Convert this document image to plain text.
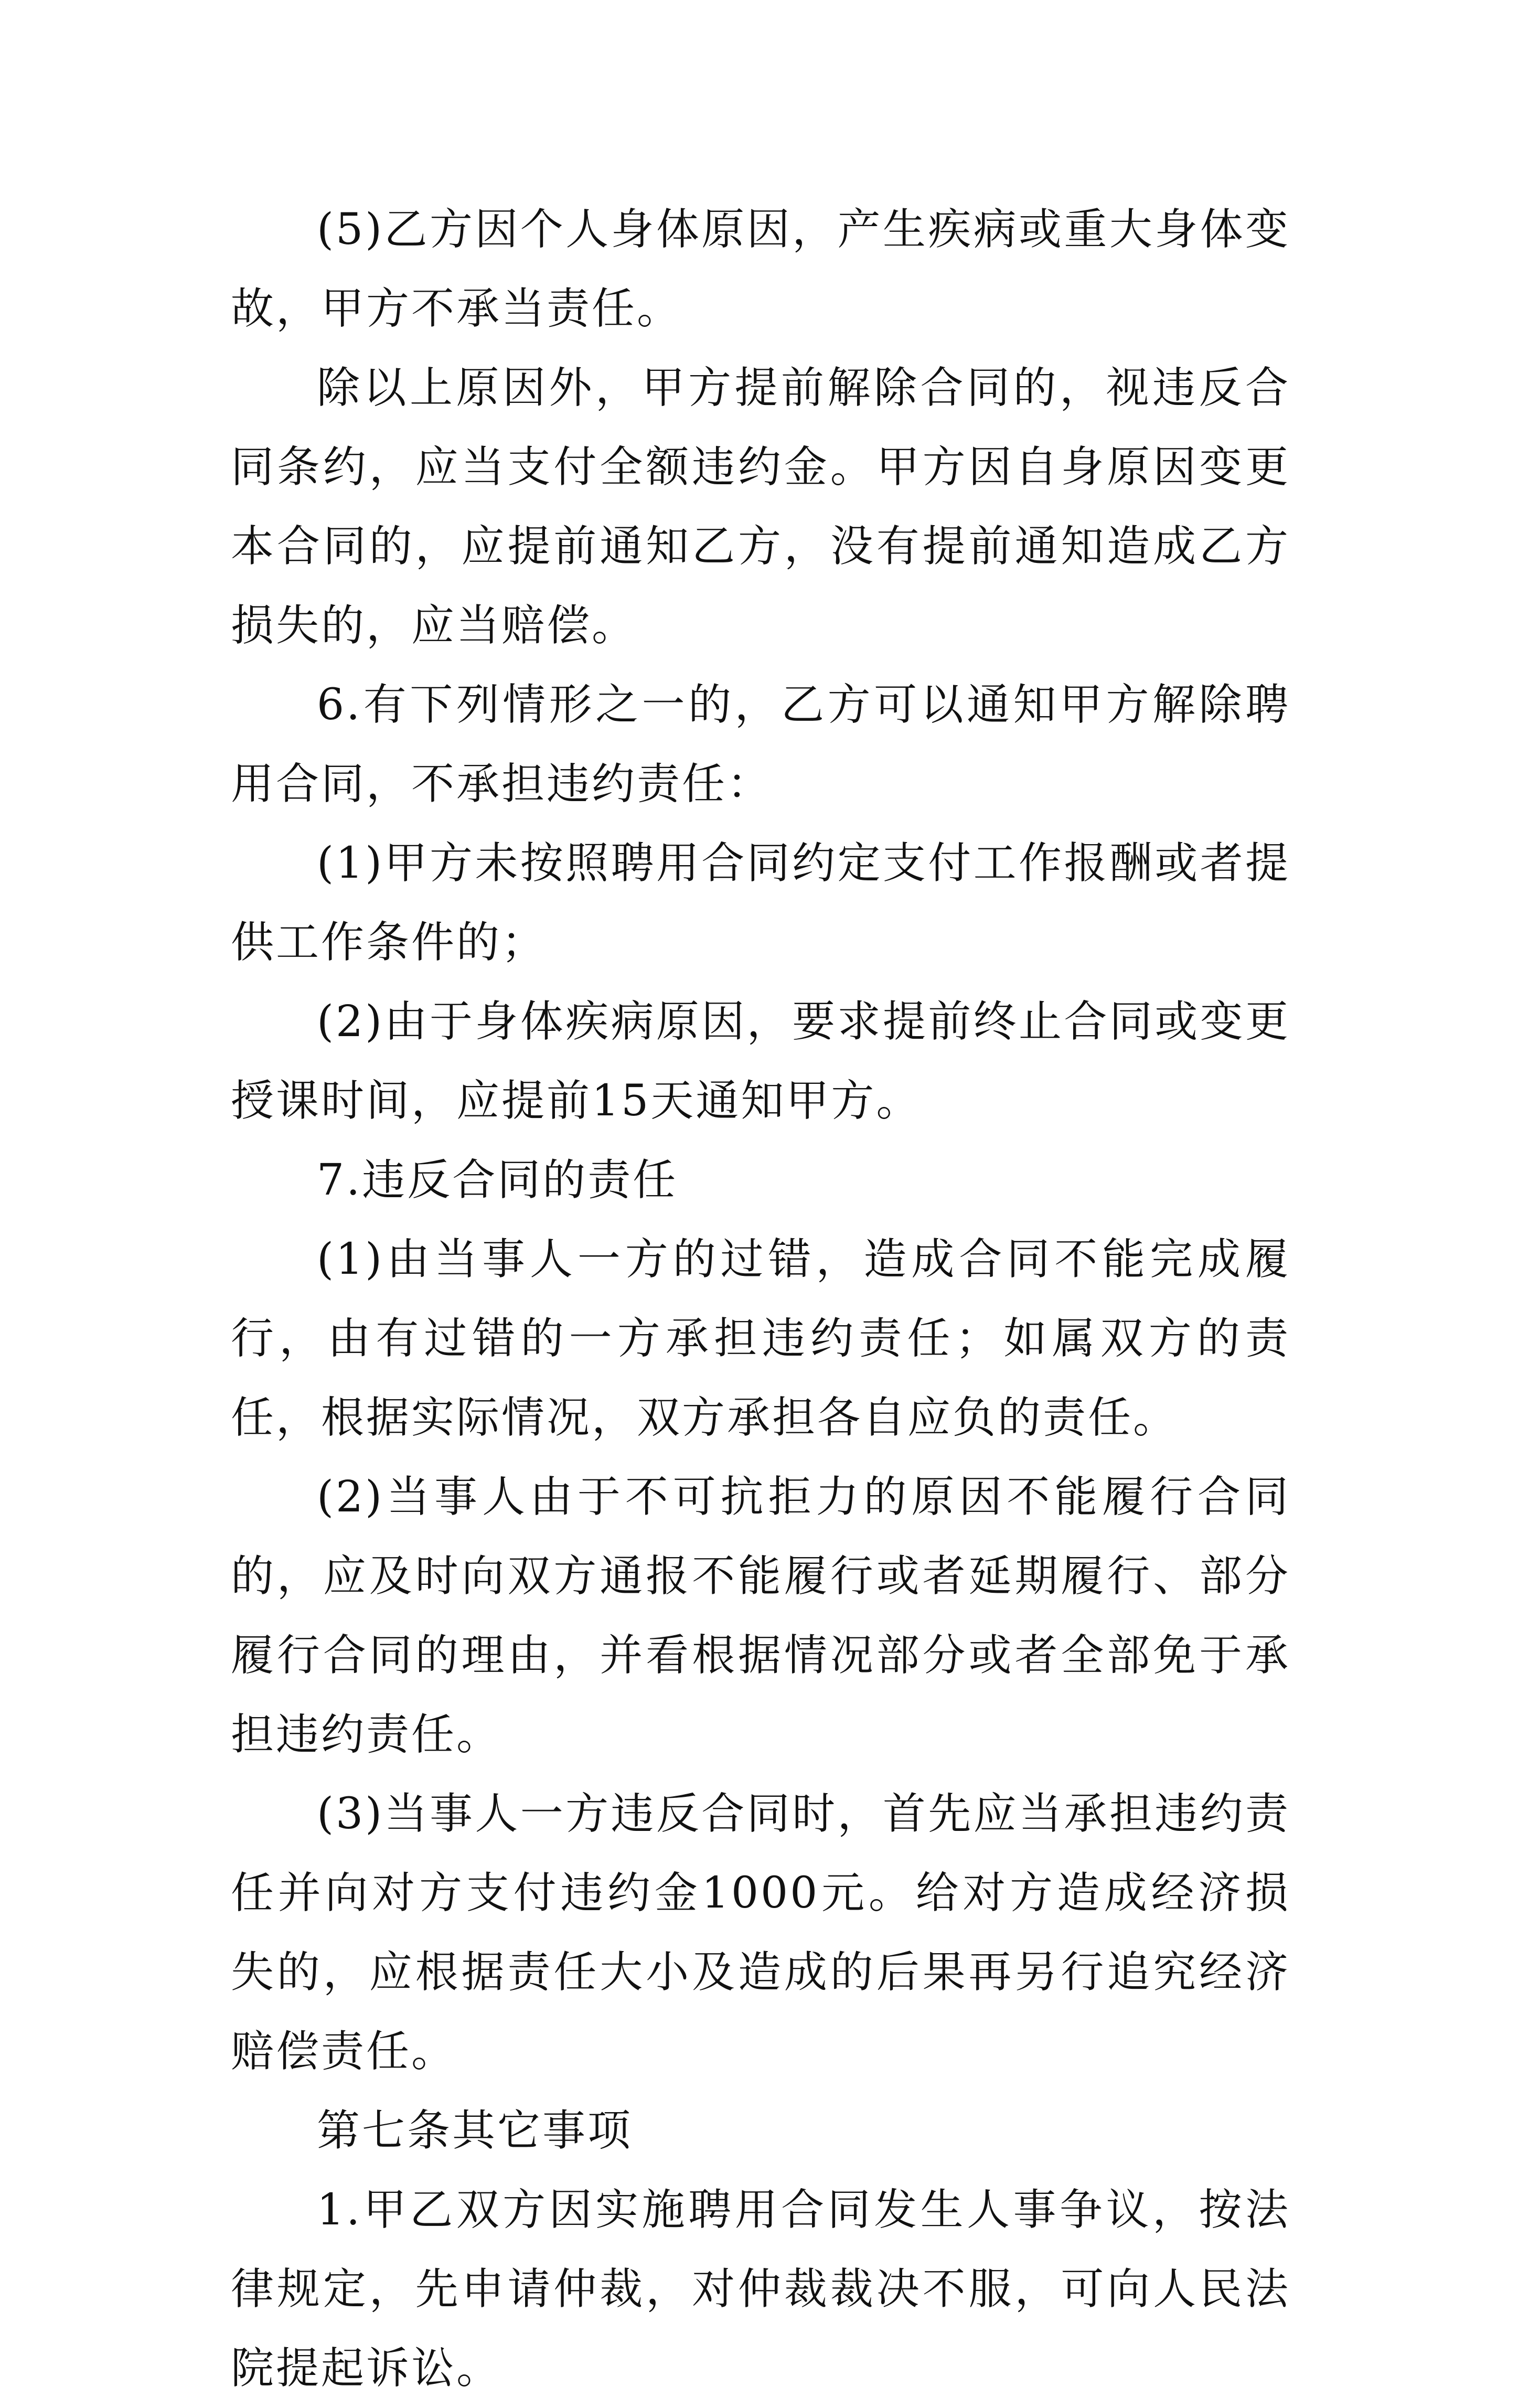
(5)乙方因个人身体原因，产生疾病或重大身体变故，甲方不承当责任。

除以上原因外，甲方提前解除合同的，视违反合同条约，应当支付全额违约金。甲方因自身原因变更本合同的，应提前通知乙方，没有提前通知造成乙方损失的，应当赔偿。

6.有下列情形之一的，乙方可以通知甲方解除聘用合同，不承担违约责任：

(1)甲方未按照聘用合同约定支付工作报酬或者提供工作条件的；

(2)由于身体疾病原因，要求提前终止合同或变更授课时间，应提前15天通知甲方。

7.违反合同的责任

(1)由当事人一方的过错，造成合同不能完成履行，由有过错的一方承担违约责任；如属双方的责任，根据实际情况，双方承担各自应负的责任。

(2)当事人由于不可抗拒力的原因不能履行合同的，应及时向双方通报不能履行或者延期履行、部分履行合同的理由，并看根据情况部分或者全部免于承担违约责任。

(3)当事人一方违反合同时，首先应当承担违约责任并向对方支付违约金1000元。给对方造成经济损失的，应根据责任大小及造成的后果再另行追究经济赔偿责任。

第七条其它事项

1.甲乙双方因实施聘用合同发生人事争议，按法律规定，先申请仲裁，对仲裁裁决不服，可向人民法院提起诉讼。
